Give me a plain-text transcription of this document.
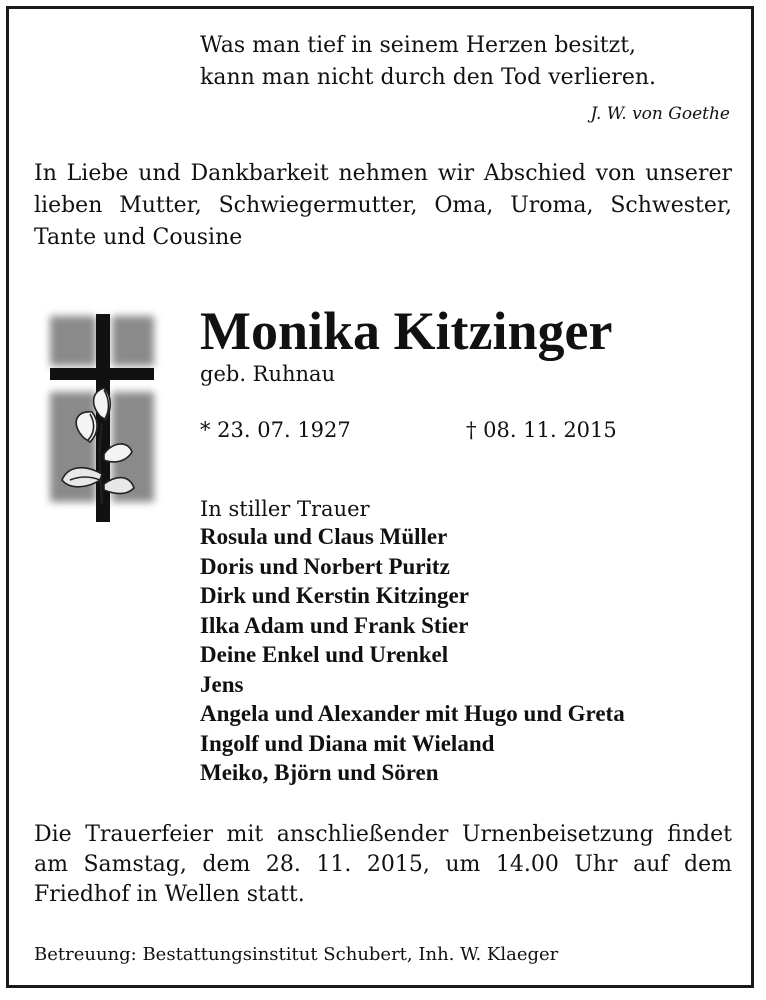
Was man tief in seinem Herzen besitzt,
kann man nicht durch den Tod verlieren.
J. W. von Goethe
In Liebe und Dankbarkeit nehmen wir Abschied von unserer lieben Mutter, Schwiegermutter, Oma, Uroma, Schwester, Tante und Cousine
Monika Kitzinger
geb. Ruhnau
* 23. 07. 1927	† 08. 11. 2015
In stiller Trauer
Rosula und Claus Müller
Doris und Norbert Puritz
Dirk und Kerstin Kitzinger
Ilka Adam und Frank Stier
Deine Enkel und Urenkel
Jens
Angela und Alexander mit Hugo und Greta
Ingolf und Diana mit Wieland
Meiko, Björn und Sören
Die Trauerfeier mit anschließender Urnenbeisetzung findet am Samstag, dem 28. 11. 2015, um 14.00 Uhr auf dem Friedhof in Wellen statt.
Betreuung: Bestattungsinstitut Schubert, Inh. W. Klaeger
